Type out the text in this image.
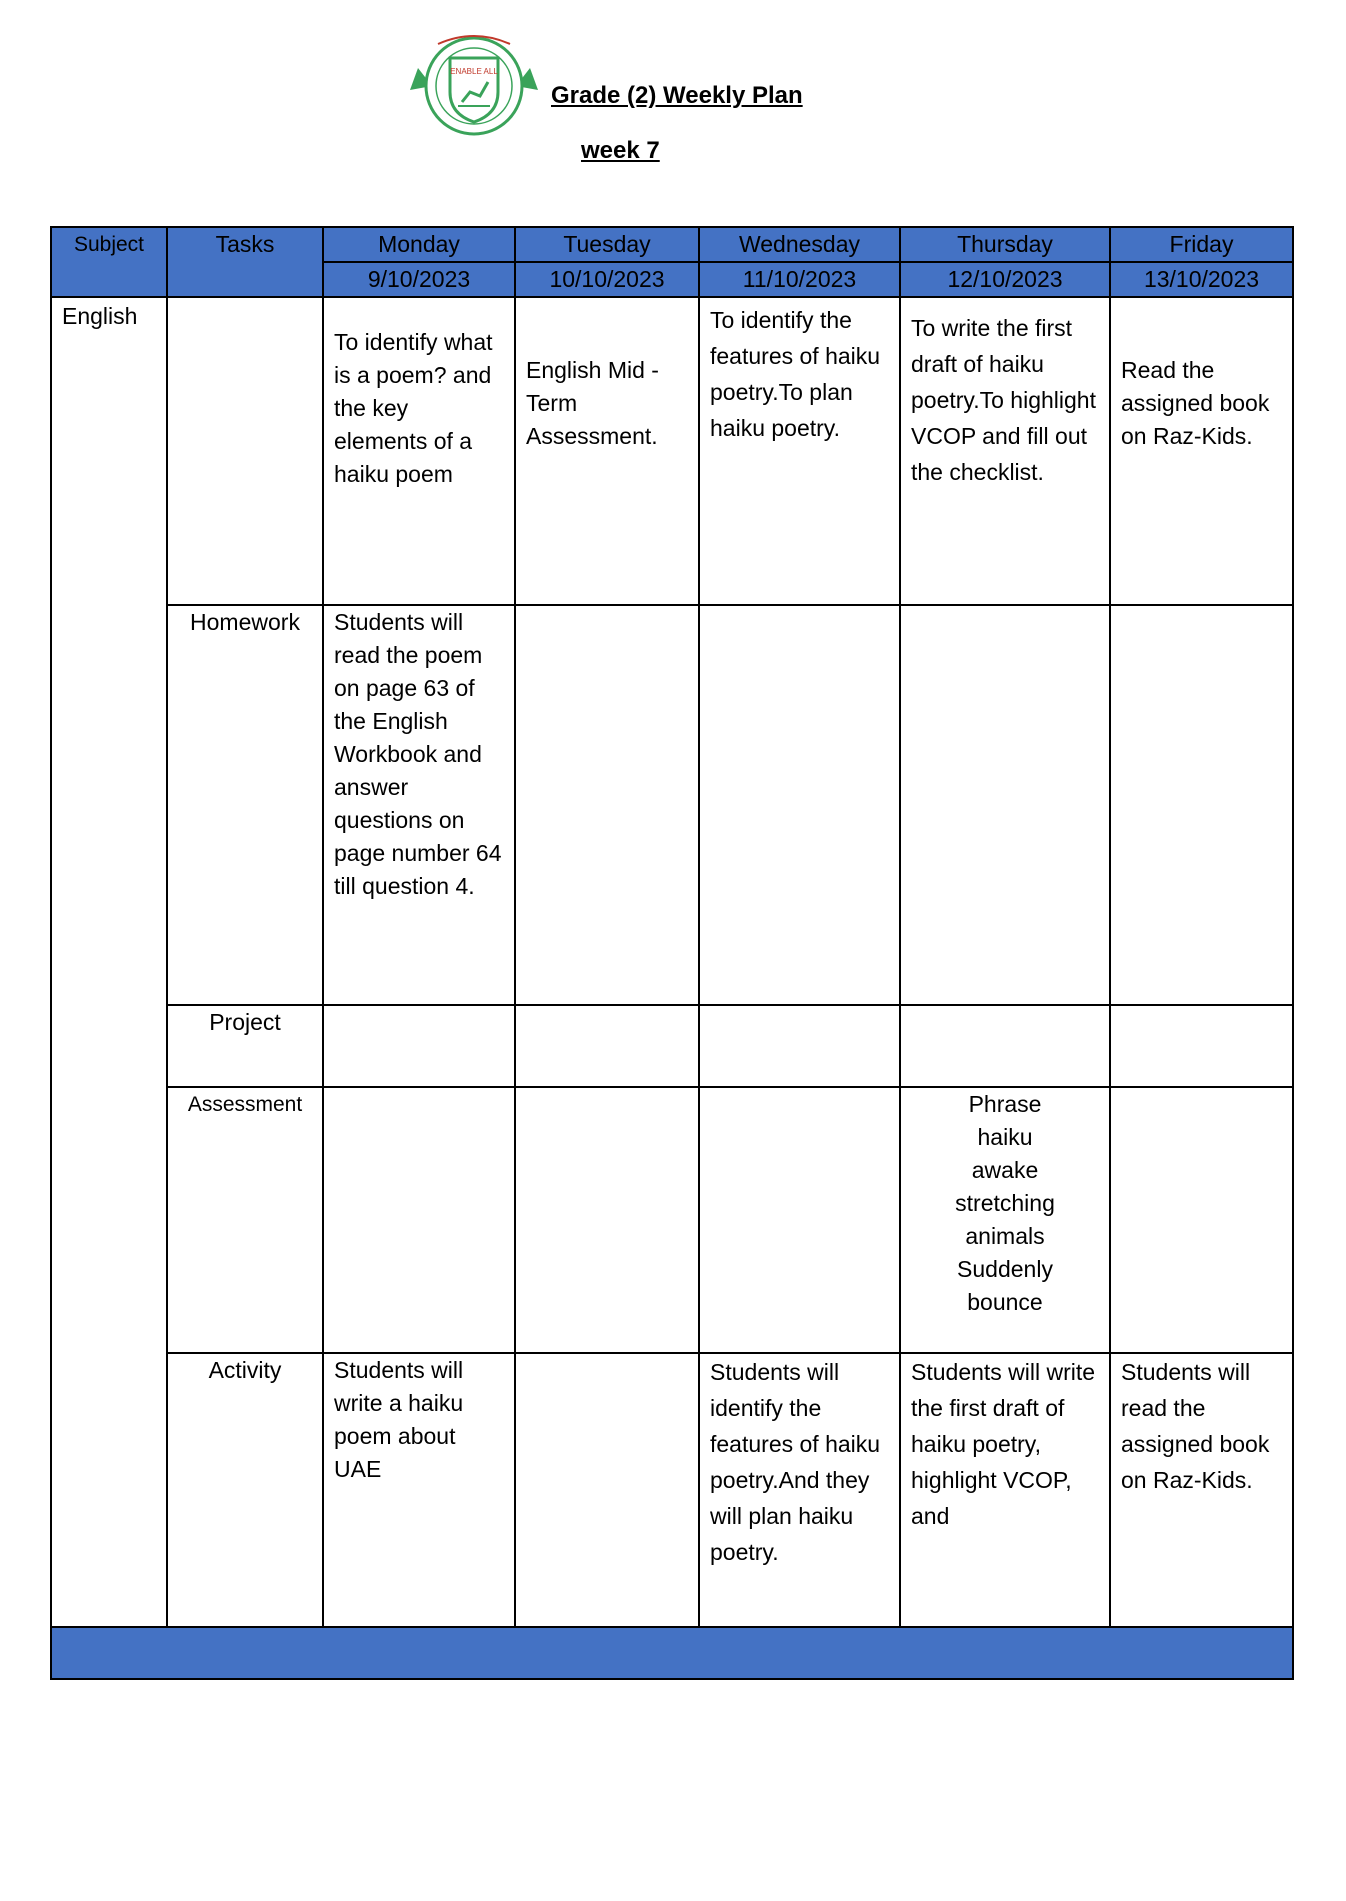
ENABLE ALL
Grade (2) Weekly Plan
week 7
Subject	Tasks	Monday	Tuesday	Wednesday	Thursday	Friday
		9/10/2023	10/10/2023	11/10/2023	12/10/2023	13/10/2023
English		To identify what is a poem? and the key elements of a haiku poem	English Mid - Term Assessment.	To identify the features of haiku poetry.To plan haiku poetry.	To write the first draft of haiku poetry.To highlight VCOP and fill out the checklist.	Read the assigned book on Raz-Kids.
	Homework	Students will read the poem on page 63 of the English Workbook and answer questions on page number 64 till question 4.				
	Project					
	Assessment				Phrase haiku awake stretching animals Suddenly bounce	
	Activity	Students will write a haiku poem about UAE		Students will identify the features of haiku poetry.And they will plan haiku poetry.	Students will write the first draft of haiku poetry, highlight VCOP, and	Students will read the assigned book on Raz-Kids.
